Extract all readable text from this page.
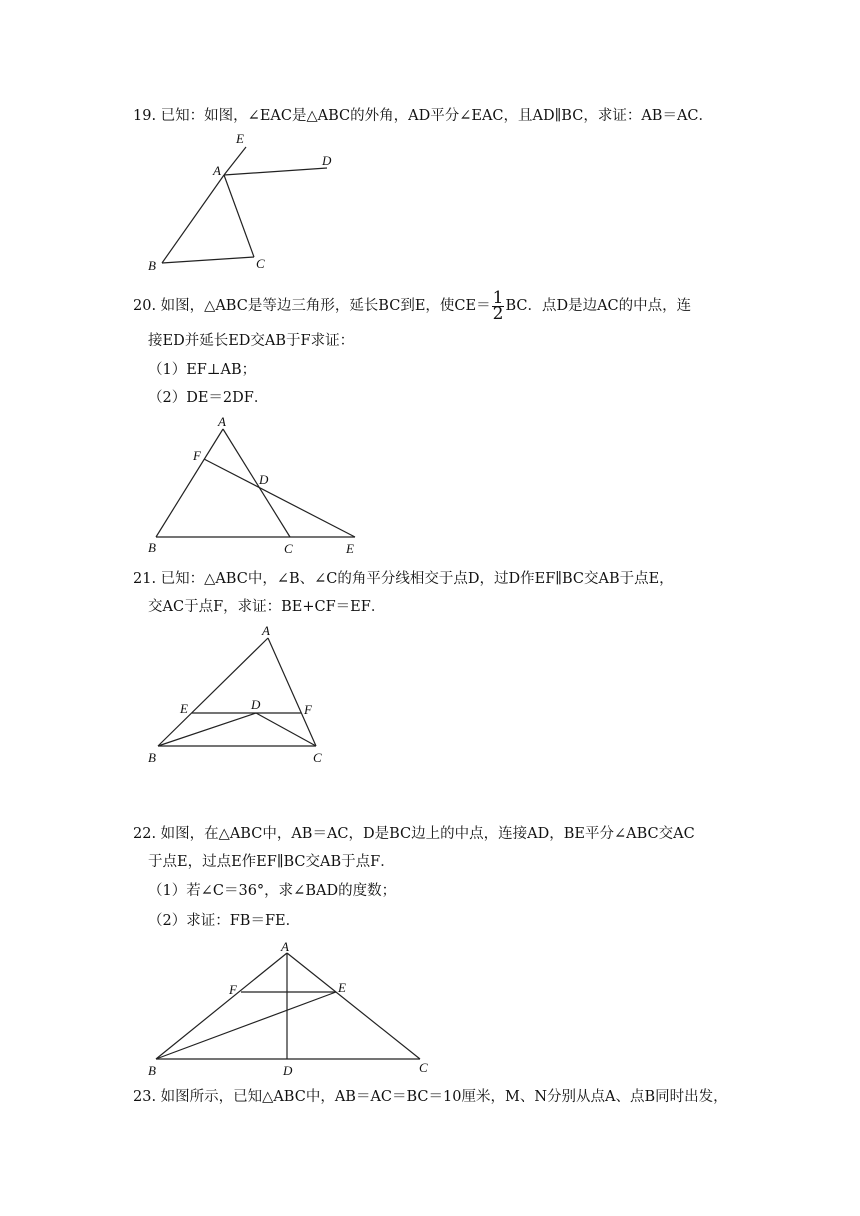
19. 已知：如图，∠EAC是△ABC的外角，AD平分∠EAC，且AD∥BC，求证：AB＝AC．
E
A
D
B	C
20. 如图，△ABC是等边三角形，延长BC到E，使$CE= \frac{1}{2}$ BC．点D是边AC的中点，连
接ED并延长ED交AB于F求证：
（1）EF⊥AB；
（2）DE＝2DF．
A
F
D
B	C	E
21. 已知：△ABC中，∠B、∠C的角平分线相交于点D，过D作EF∥BC交AB于点E，
交AC于点F，求证：BE+CF＝EF．
A
E	D	F
B	C
22. 如图，在△ABC中，AB＝AC，D是BC边上的中点，连接AD，BE平分∠ABC交AC
于点E，过点E作EF∥BC交AB于点F．
（1）若∠C＝36°，求∠BAD的度数；
（2）求证：FB＝FE．
A
F	E
B	D	C
23. 如图所示，已知△ABC中，AB＝AC＝BC＝10厘米，M、N分别从点A、点B同时出发，
